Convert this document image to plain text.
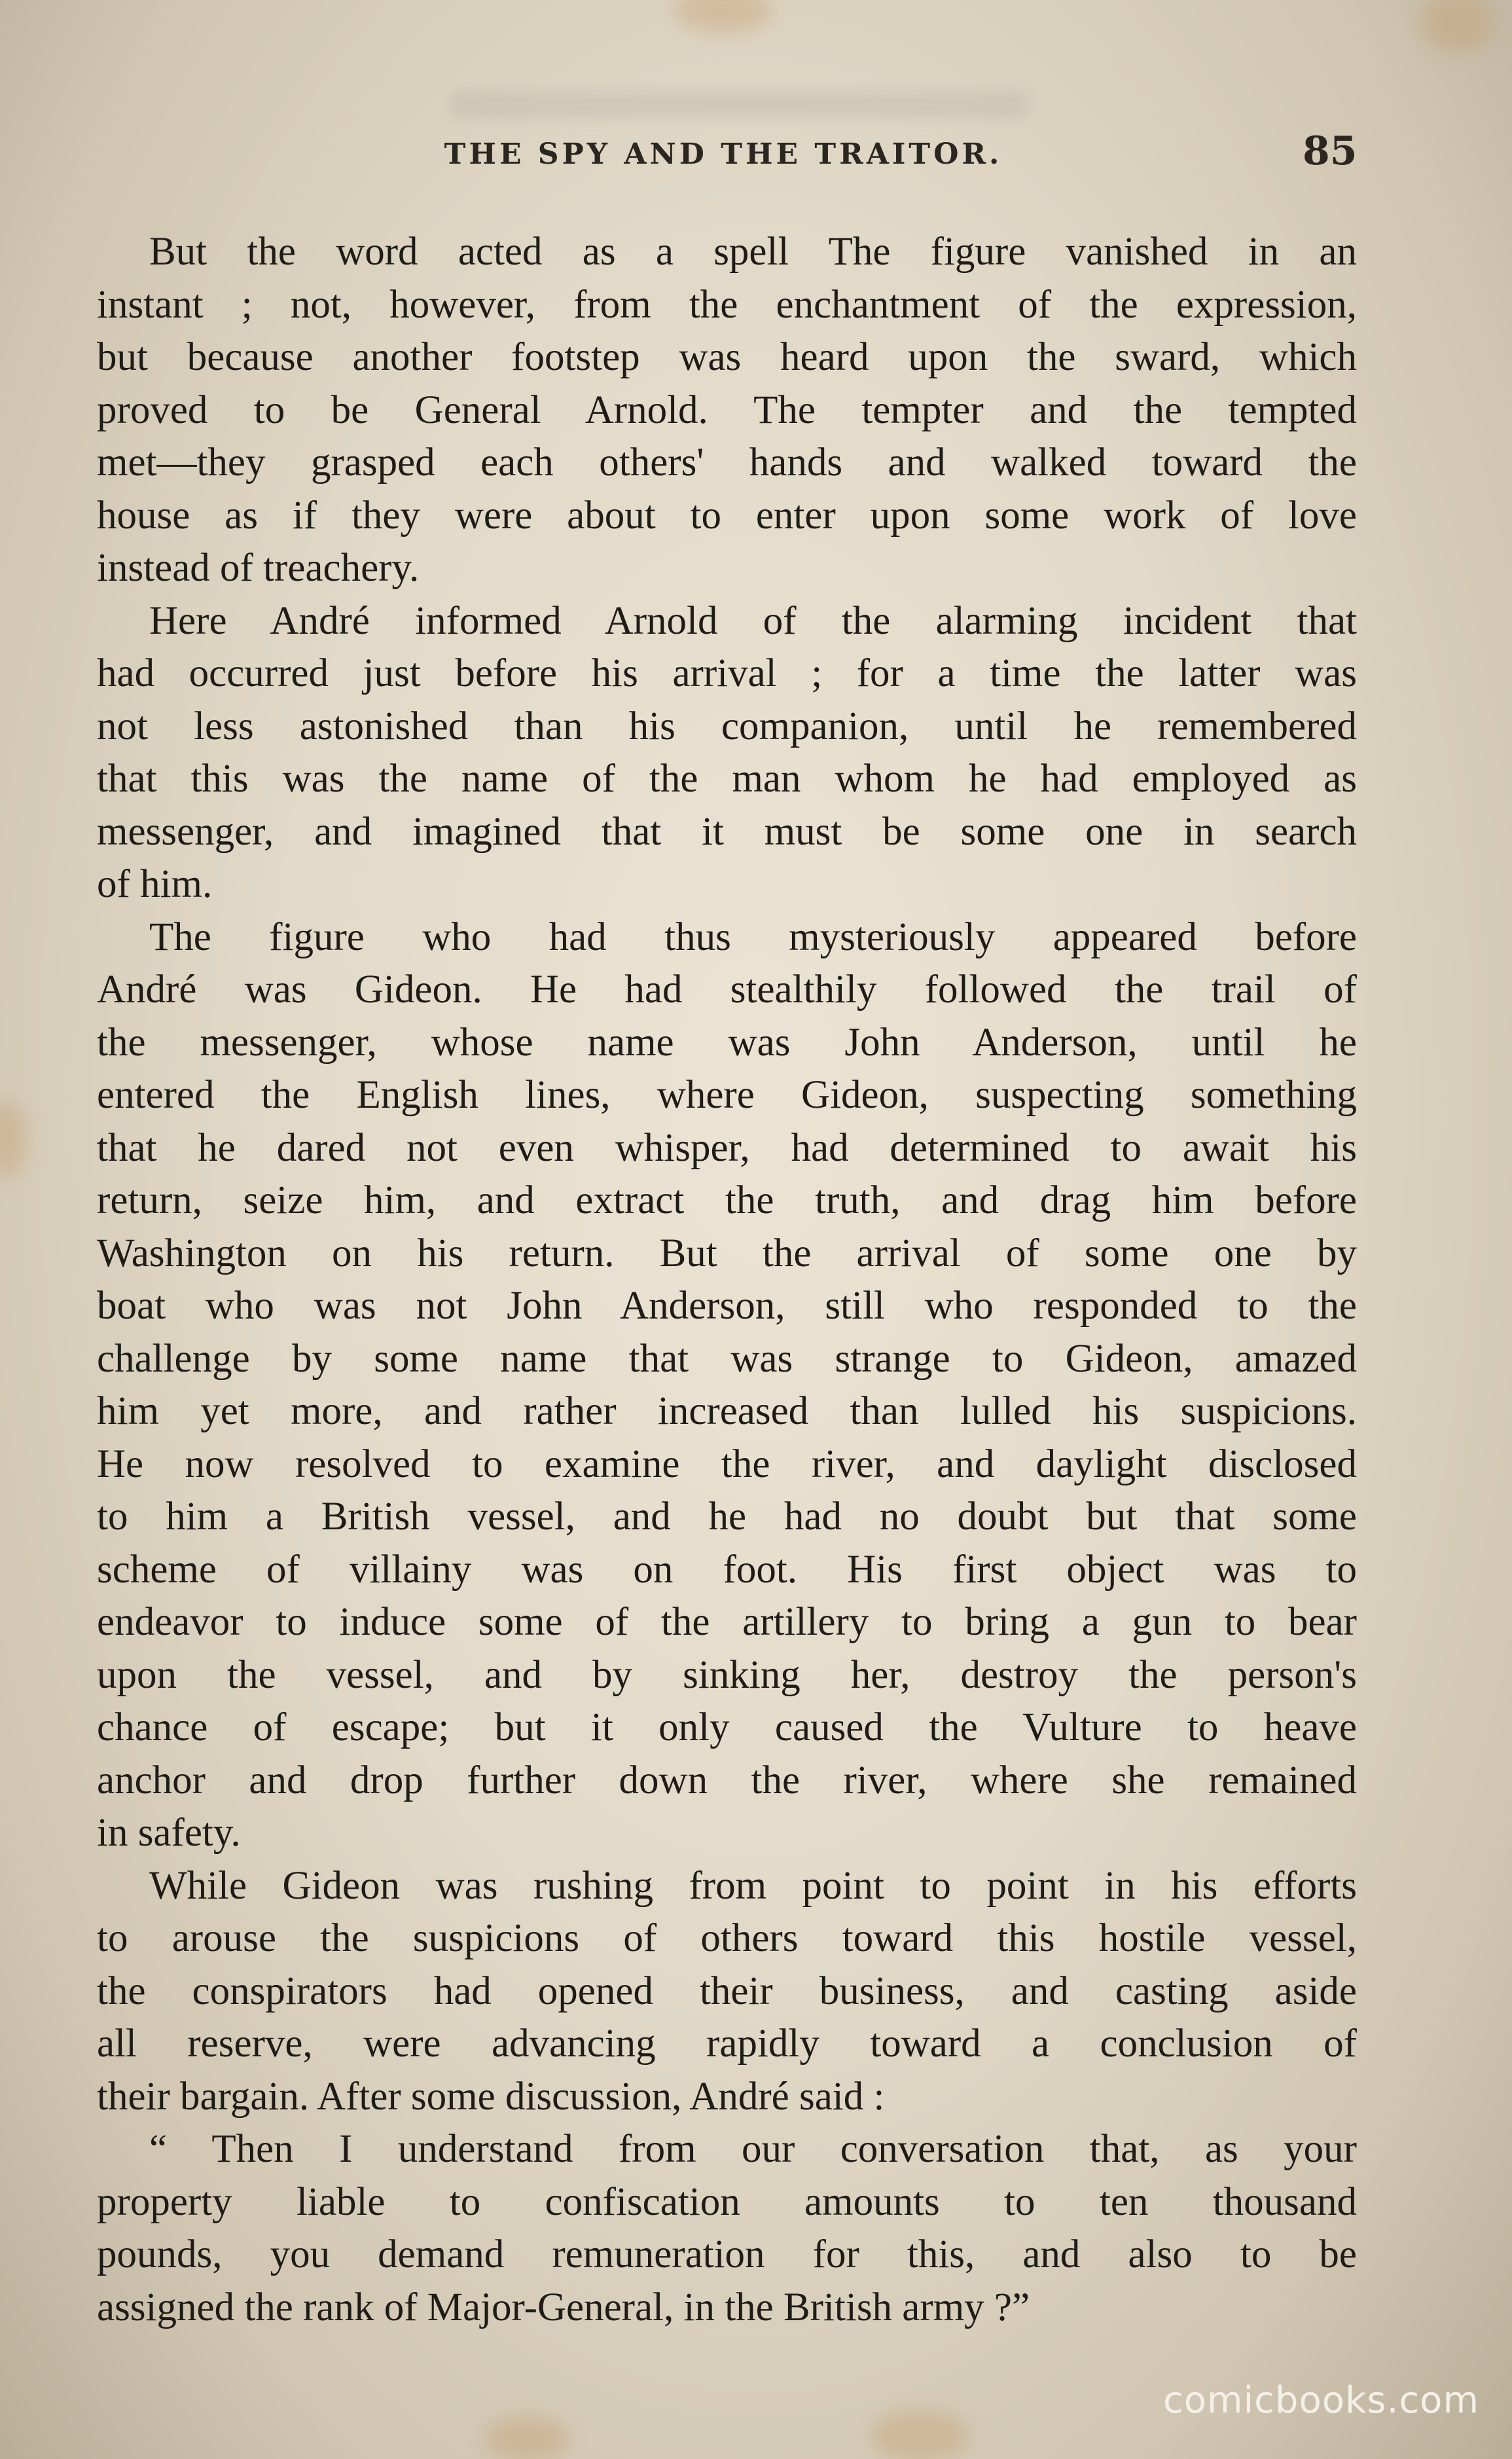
THE SPY AND THE TRAITOR.	85

But the word acted as a spell The figure vanished in an
instant ; not, however, from the enchantment of the expression,
but because another footstep was heard upon the sward, which
proved to be General Arnold. The tempter and the tempted
met—they grasped each others' hands and walked toward the
house as if they were about to enter upon some work of love
instead of treachery.

Here André informed Arnold of the alarming incident that
had occurred just before his arrival ; for a time the latter was
not less astonished than his companion, until he remembered
that this was the name of the man whom he had employed as
messenger, and imagined that it must be some one in search
of him.

The figure who had thus mysteriously appeared before
André was Gideon. He had stealthily followed the trail of
the messenger, whose name was John Anderson, until he
entered the English lines, where Gideon, suspecting something
that he dared not even whisper, had determined to await his
return, seize him, and extract the truth, and drag him before
Washington on his return. But the arrival of some one by
boat who was not John Anderson, still who responded to the
challenge by some name that was strange to Gideon, amazed
him yet more, and rather increased than lulled his suspicions.
He now resolved to examine the river, and daylight disclosed
to him a British vessel, and he had no doubt but that some
scheme of villainy was on foot. His first object was to
endeavor to induce some of the artillery to bring a gun to bear
upon the vessel, and by sinking her, destroy the person's
chance of escape; but it only caused the Vulture to heave
anchor and drop further down the river, where she remained
in safety.

While Gideon was rushing from point to point in his efforts
to arouse the suspicions of others toward this hostile vessel,
the conspirators had opened their business, and casting aside
all reserve, were advancing rapidly toward a conclusion of
their bargain. After some discussion, André said :

“ Then I understand from our conversation that, as your
property liable to confiscation amounts to ten thousand
pounds, you demand remuneration for this, and also to be
assigned the rank of Major-General, in the British army ?”

comicbooks.com
